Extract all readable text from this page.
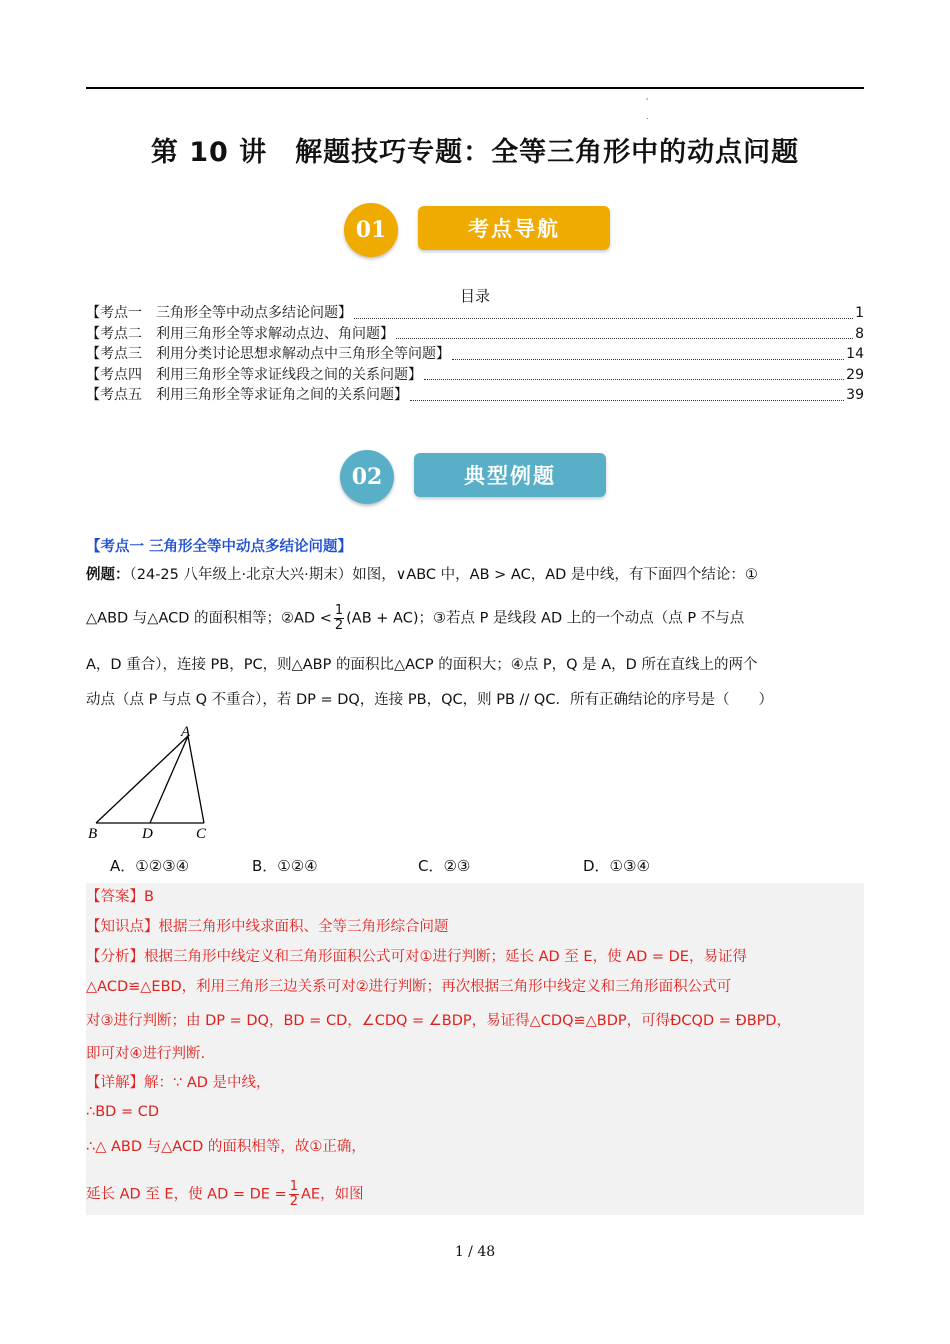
'
.
第 10 讲　解题技巧专题：全等三角形中的动点问题
考点导航
01
目录
【考点一　三角形全等中动点多结论问题】	1
【考点二　利用三角形全等求解动点边、角问题】	8
【考点三　利用分类讨论思想求解动点中三角形全等问题】	14
【考点四　利用三角形全等求证线段之间的关系问题】	29
【考点五　利用三角形全等求证角之间的关系问题】	39
典型例题
02
【考点一 三角形全等中动点多结论问题】
例题：（24-25 八年级上·北京大兴·期末）如图，∨ABC 中，AB > AC，AD 是中线，有下面四个结论：①
△ABD 与△ACD 的面积相等；②AD < $\frac{1}{2} (AB + AC)$；③若点 P 是线段 AD 上的一个动点（点 P 不与点
A，D 重合），连接 PB，PC，则△ABP 的面积比△ACP 的面积大；④点 P，Q 是 A，D 所在直线上的两个
动点（点 P 与点 Q 不重合），若 DP = DQ，连接 PB，QC，则 PB // QC．所有正确结论的序号是（　　）
A
B	D	C
A．①②③④	B．①②④	C．②③	D．①③④
【答案】B
【知识点】根据三角形中线求面积、全等三角形综合问题
【分析】根据三角形中线定义和三角形面积公式可对①进行判断；延长 AD 至 E，使 AD = DE，易证得
△ACD≌△EBD，利用三角形三边关系可对②进行判断；再次根据三角形中线定义和三角形面积公式可
对③进行判断；由 DP = DQ，BD = CD，∠CDQ = ∠BDP，易证得△CDQ≌△BDP，可得ÐCQD = ÐBPD，
即可对④进行判断.
【详解】解：∵ AD 是中线，
∴BD = CD
∴△ ABD 与△ACD 的面积相等，故①正确，
延长 AD 至 E，使 AD = DE = $\frac{1}{2}$ AE，如图
1 / 48
